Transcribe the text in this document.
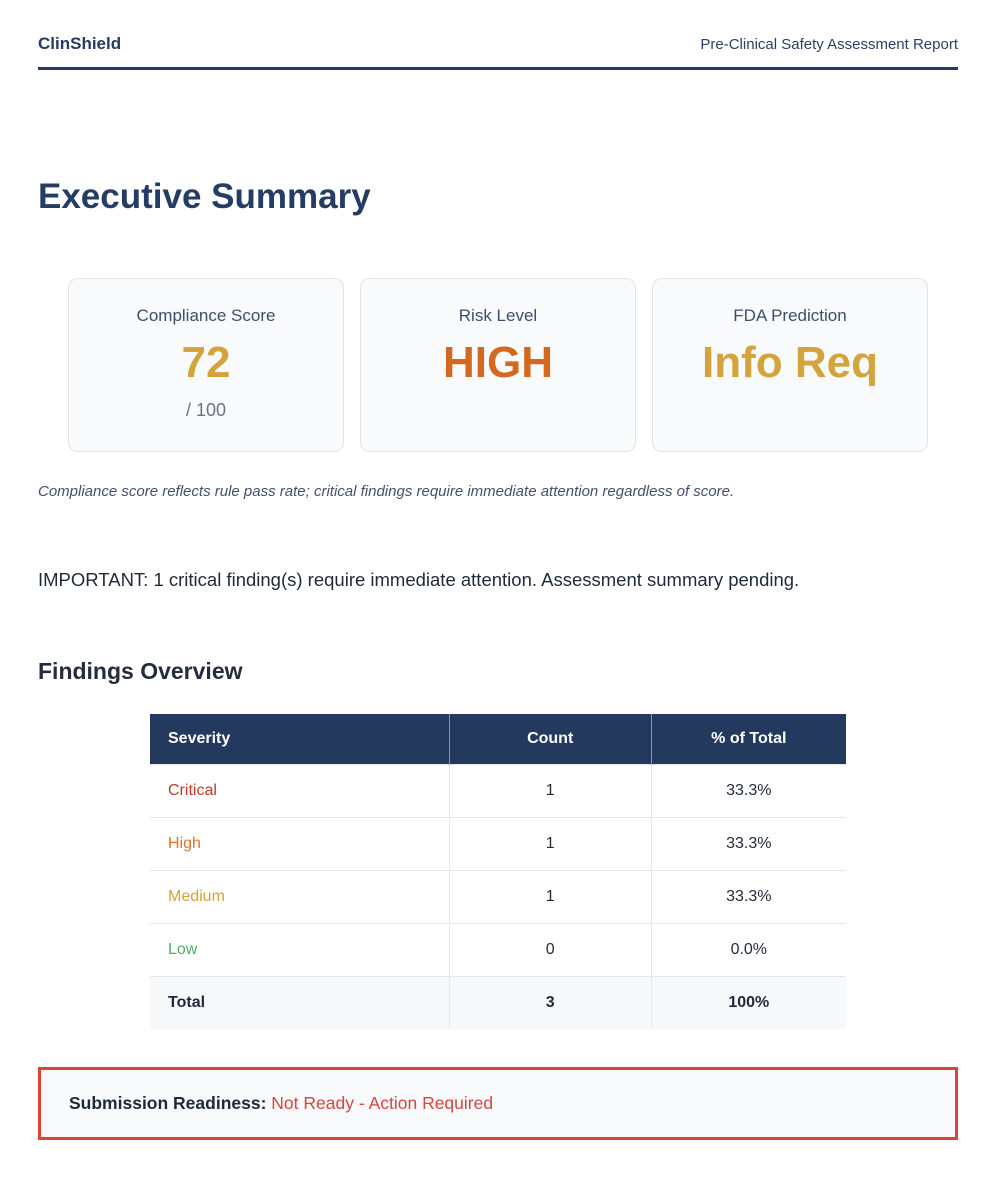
ClinShield	Pre-Clinical Safety Assessment Report
Executive Summary
Compliance Score
72
/ 100
Risk Level
HIGH
FDA Prediction
Info Req

Compliance score reflects rule pass rate; critical findings require immediate attention regardless of score.

IMPORTANT: 1 critical finding(s) require immediate attention. Assessment summary pending.

Findings Overview
Severity	Count	% of Total
Critical	1	33.3%
High	1	33.3%
Medium	1	33.3%
Low	0	0.0%
Total	3	100%
Submission Readiness: Not Ready - Action Required
